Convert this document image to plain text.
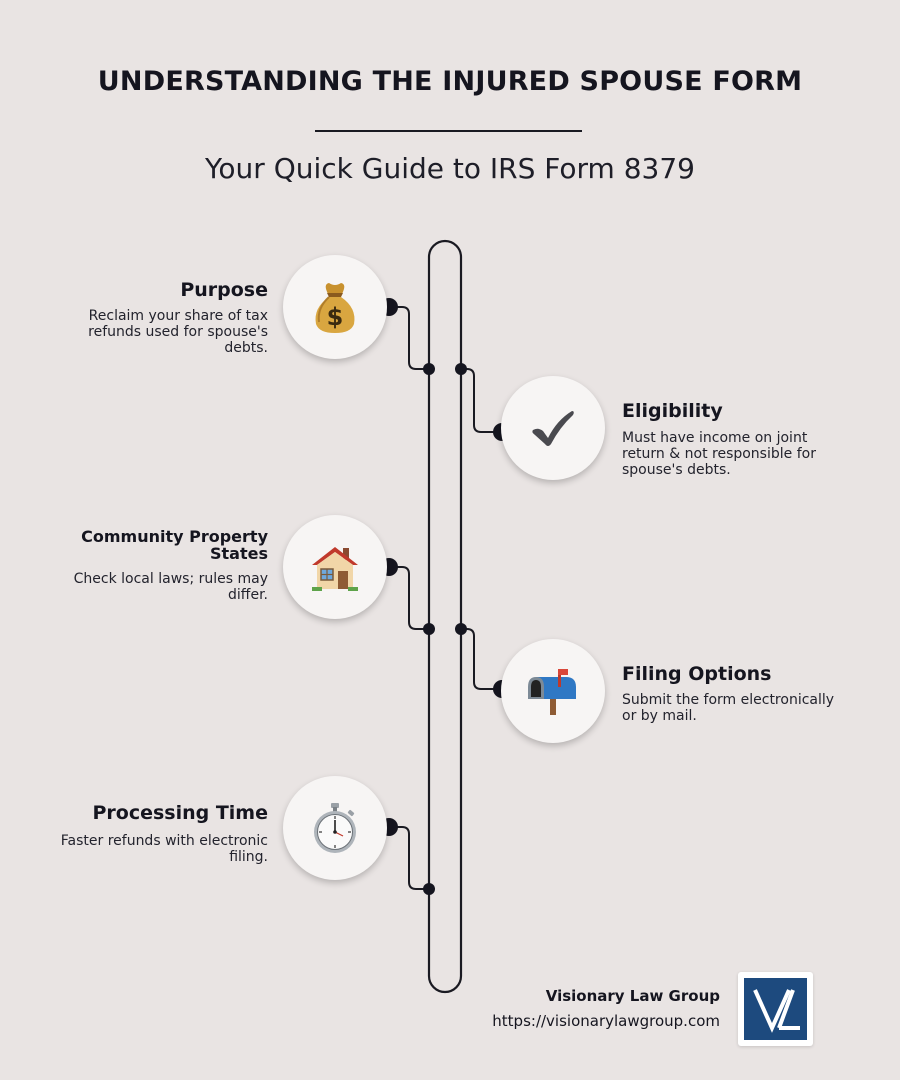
UNDERSTANDING THE INJURED SPOUSE FORM
Your Quick Guide to IRS Form 8379
$
Purpose
Reclaim your share of tax refunds used for spouse's debts.
Eligibility
Must have income on joint return & not responsible for spouse's debts.
Community Property States
Check local laws; rules may differ.
Filing Options
Submit the form electronically or by mail.
Processing Time
Faster refunds with electronic filing.
Visionary Law Group
https://visionarylawgroup.com
